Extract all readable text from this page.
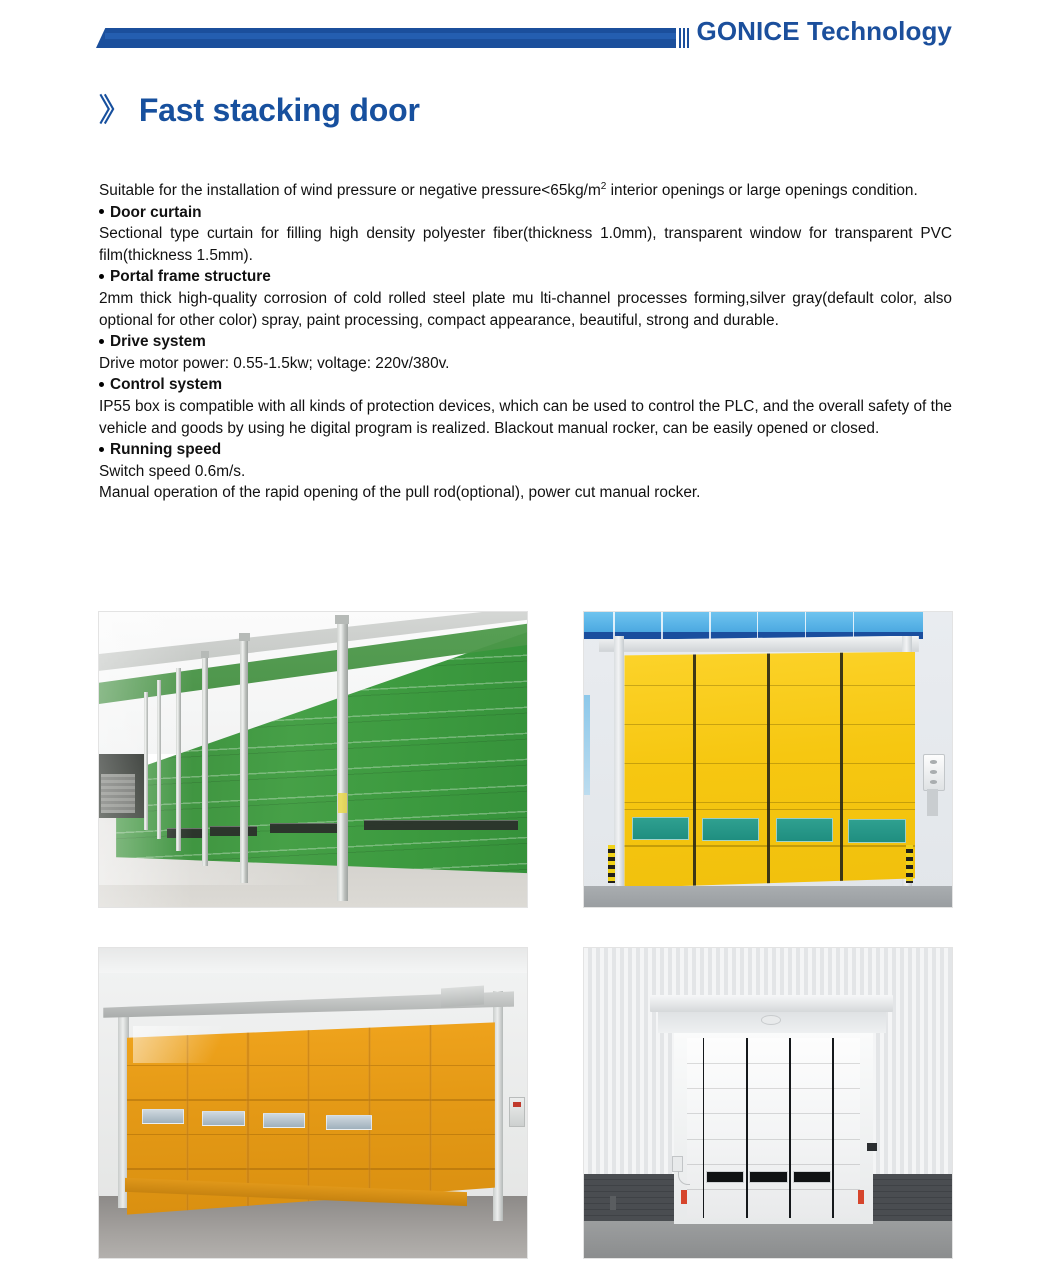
GONICE Technology
》 Fast stacking door

Suitable for the installation of wind pressure or negative $pressure<65kg/m^2$ interior openings or large openings condition.

Door curtain

Sectional type curtain for filling high density polyester fiber(thickness 1.0mm), transparent window for transparent PVC film(thickness 1.5mm).

Portal frame structure

2mm thick high-quality corrosion of cold rolled steel plate mu lti-channel processes forming,silver gray(default color, also optional for other color) spray, paint processing, compact appearance, beautiful, strong and durable.

Drive system

Drive motor power: 0.55-1.5kw; voltage: 220v/380v.

Control system

IP55 box is compatible with all kinds of protection devices, which can be used to control the PLC, and the overall safety of the vehicle and goods by using he digital program is realized. Blackout manual rocker, can be easily opened or closed.

Running speed

Switch speed 0.6m/s.

Manual operation of the rapid opening of the pull rod(optional), power cut manual rocker.
